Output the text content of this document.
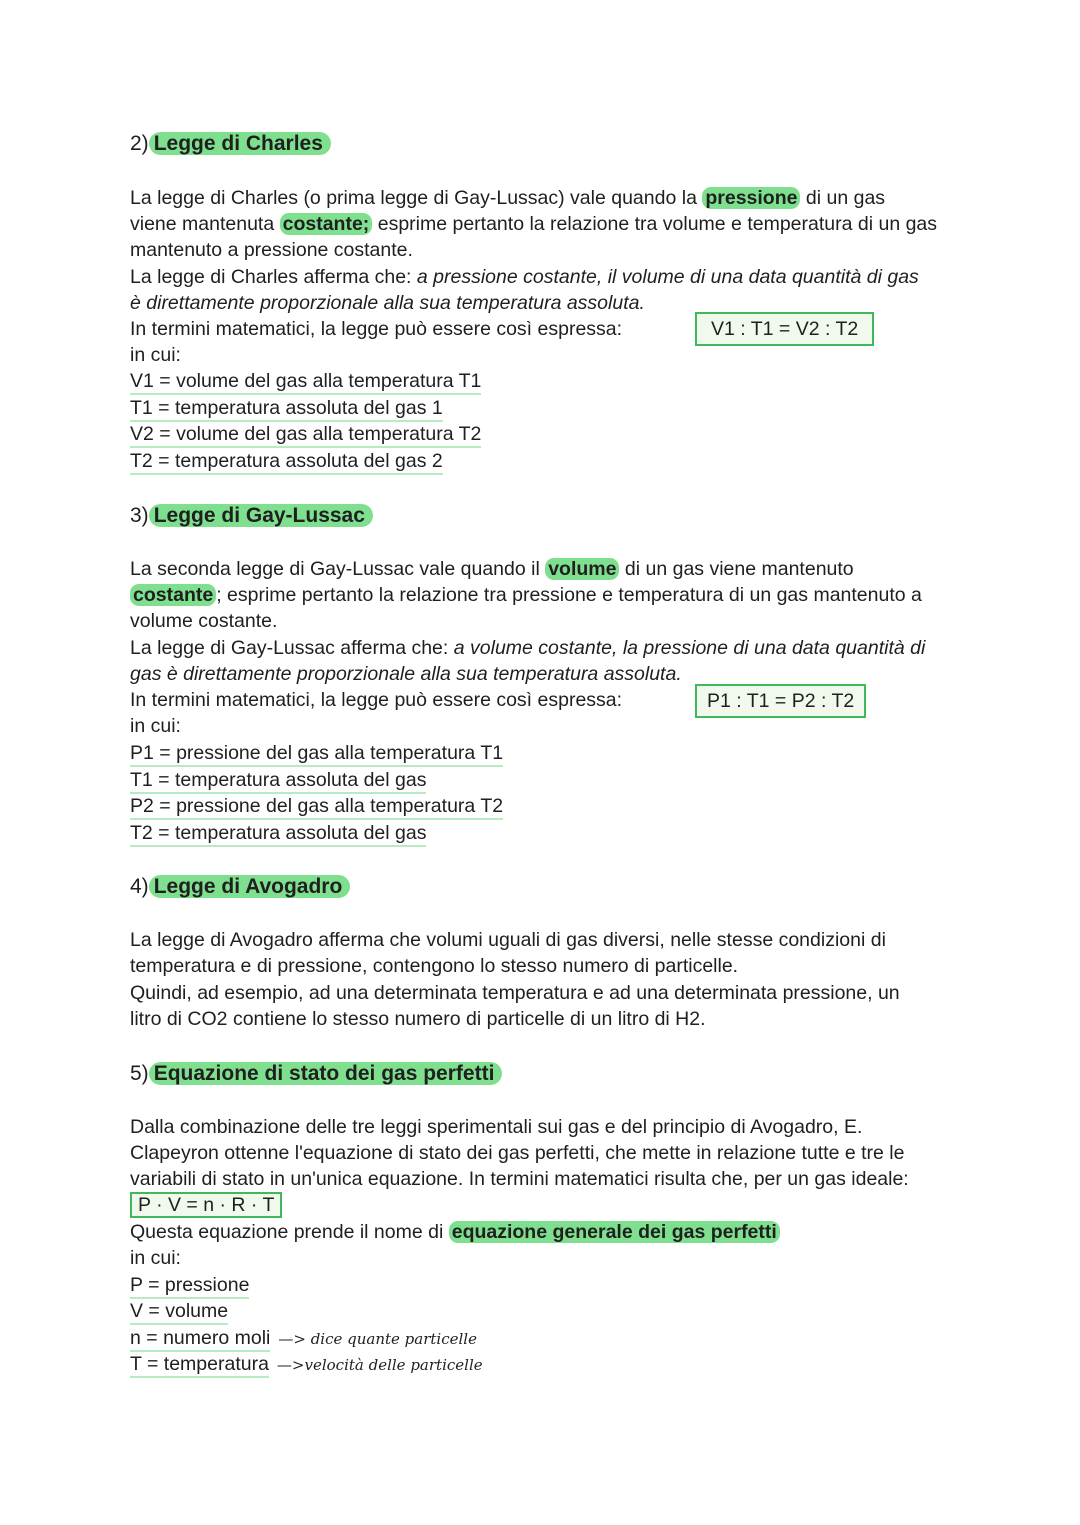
2) Legge di Charles
La legge di Charles (o prima legge di Gay-Lussac) vale quando la pressione di un gas
viene mantenuta costante; esprime pertanto la relazione tra volume e temperatura di un gas
mantenuto a pressione costante.
La legge di Charles afferma che: a pressione costante, il volume di una data quantità di gas
è direttamente proporzionale alla sua temperatura assoluta.
In termini matematici, la legge può essere così espressa:	V1 : T1 = V2 : T2
in cui:
V1 = volume del gas alla temperatura T1
T1 = temperatura assoluta del gas 1
V2 = volume del gas alla temperatura T2
T2 = temperatura assoluta del gas 2
3) Legge di Gay-Lussac
La seconda legge di Gay-Lussac vale quando il volume di un gas viene mantenuto
costante ; esprime pertanto la relazione tra pressione e temperatura di un gas mantenuto a
volume costante.
La legge di Gay-Lussac afferma che: a volume costante, la pressione di una data quantità di
gas è direttamente proporzionale alla sua temperatura assoluta.
In termini matematici, la legge può essere così espressa:	P1 : T1 = P2 : T2
in cui:
P1 = pressione del gas alla temperatura T1
T1 = temperatura assoluta del gas
P2 = pressione del gas alla temperatura T2
T2 = temperatura assoluta del gas
4) Legge di Avogadro
La legge di Avogadro afferma che volumi uguali di gas diversi, nelle stesse condizioni di
temperatura e di pressione, contengono lo stesso numero di particelle.
Quindi, ad esempio, ad una determinata temperatura e ad una determinata pressione, un
litro di CO2 contiene lo stesso numero di particelle di un litro di H2.
5) Equazione di stato dei gas perfetti
Dalla combinazione delle tre leggi sperimentali sui gas e del principio di Avogadro, E.
Clapeyron ottenne l'equazione di stato dei gas perfetti, che mette in relazione tutte e tre le
variabili di stato in un'unica equazione. In termini matematici risulta che, per un gas ideale:
P · V = n · R · T
Questa equazione prende il nome di equazione generale dei gas perfetti
in cui:
P = pressione
V = volume
n = numero moli —> dice quante particelle
T = temperatura —>velocità delle particelle
